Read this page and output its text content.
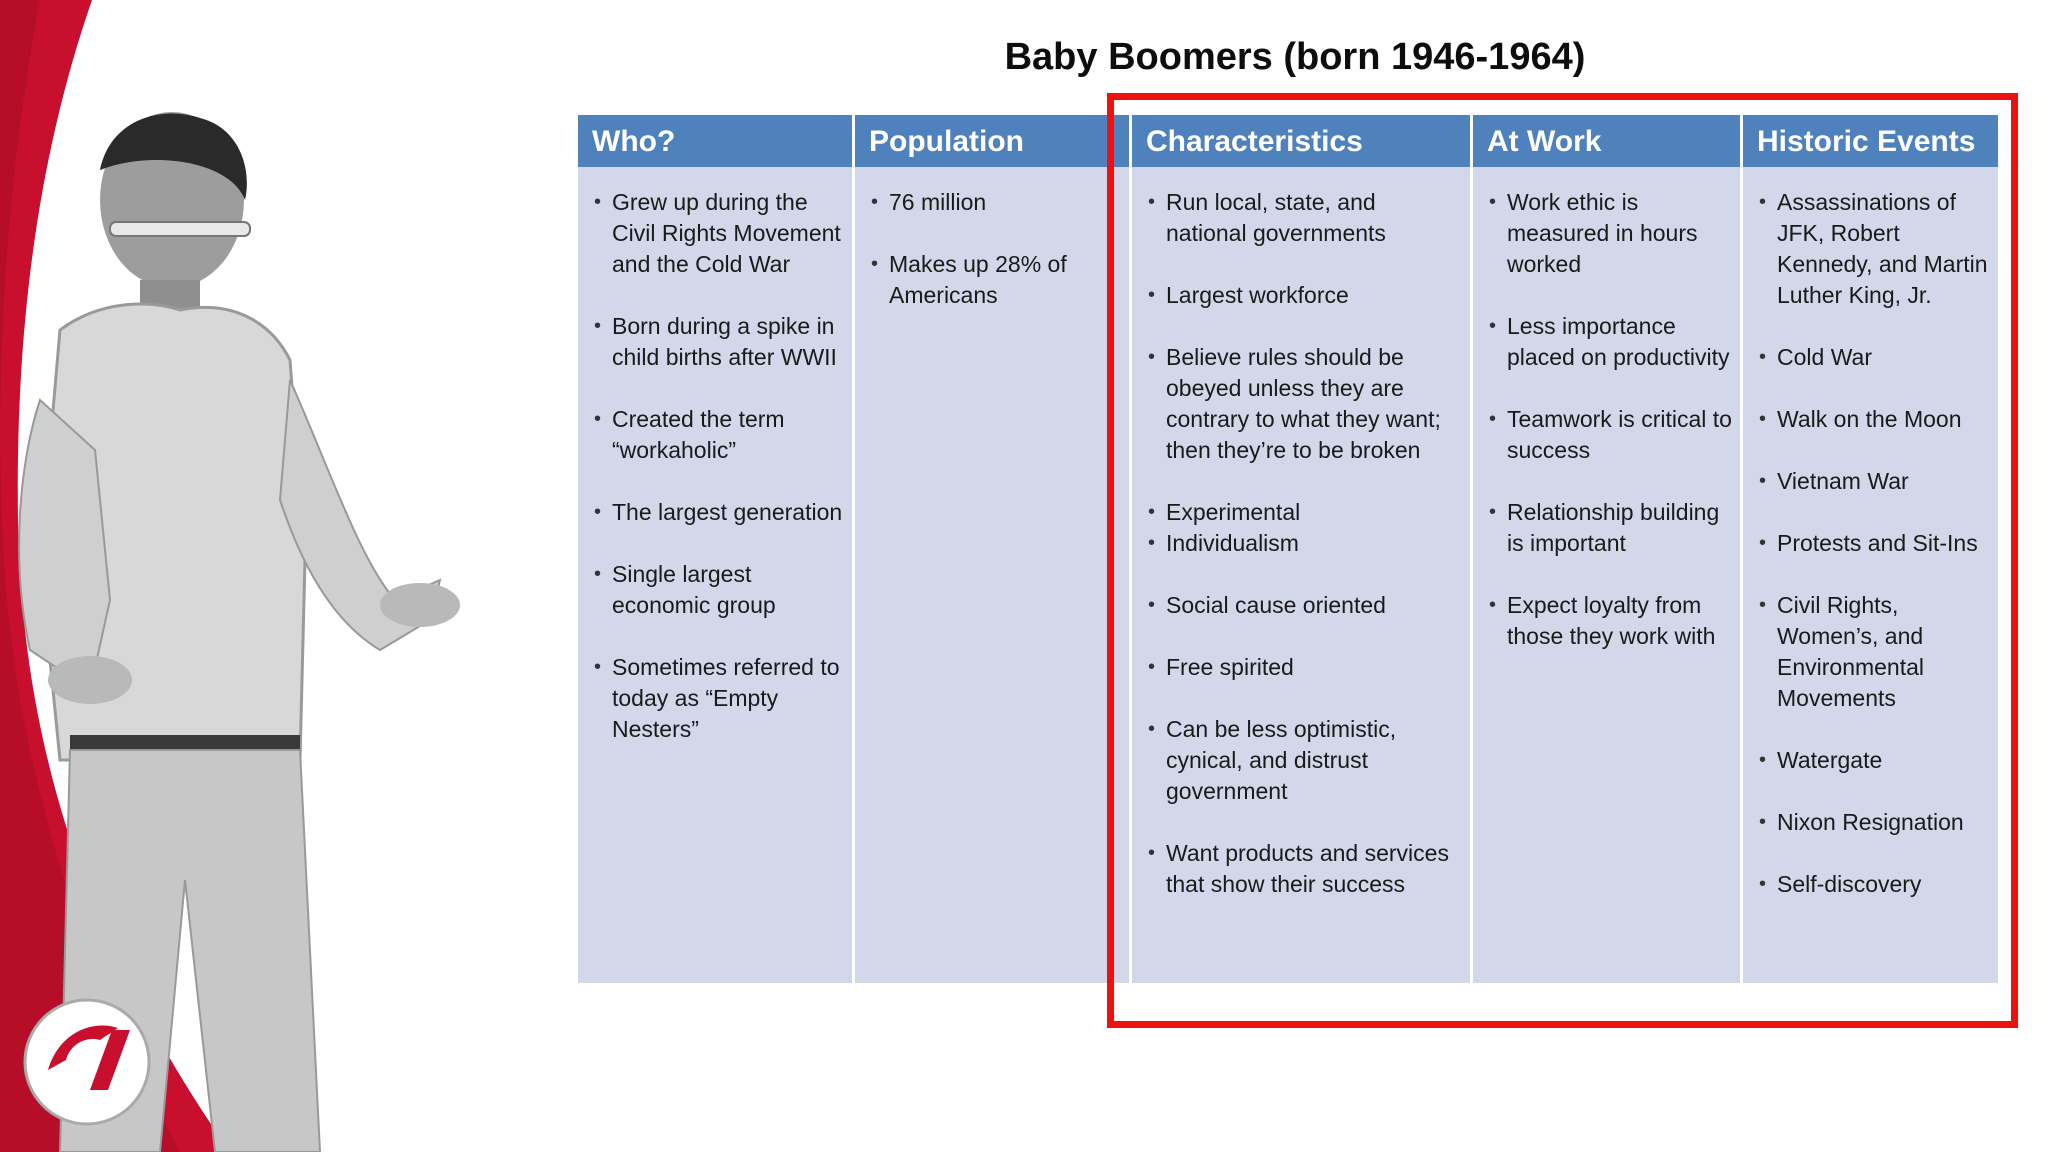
Baby Boomers (born 1946-1964)
Who?
• Grew up during the Civil Rights Movement and the Cold War
• Born during a spike in child births after WWII
• Created the term “workaholic”
• The largest generation
• Single largest economic group
• Sometimes referred to today as “Empty Nesters”
Population
• 76 million
• Makes up 28% of Americans
Characteristics
• Run local, state, and national governments
• Largest workforce
• Believe rules should be obeyed unless they are contrary to what they want; then they’re to be broken
• Experimental
• Individualism
• Social cause oriented
• Free spirited
• Can be less optimistic, cynical, and distrust government
• Want products and services that show their success
At Work
• Work ethic is measured in hours worked
• Less importance placed on productivity
• Teamwork is critical to success
• Relationship building is important
• Expect loyalty from those they work with
Historic Events
• Assassinations of JFK, Robert Kennedy, and Martin Luther King, Jr.
• Cold War
• Walk on the Moon
• Vietnam War
• Protests and Sit-Ins
• Civil Rights, Women’s, and Environmental Movements
• Watergate
• Nixon Resignation
• Self-discovery
